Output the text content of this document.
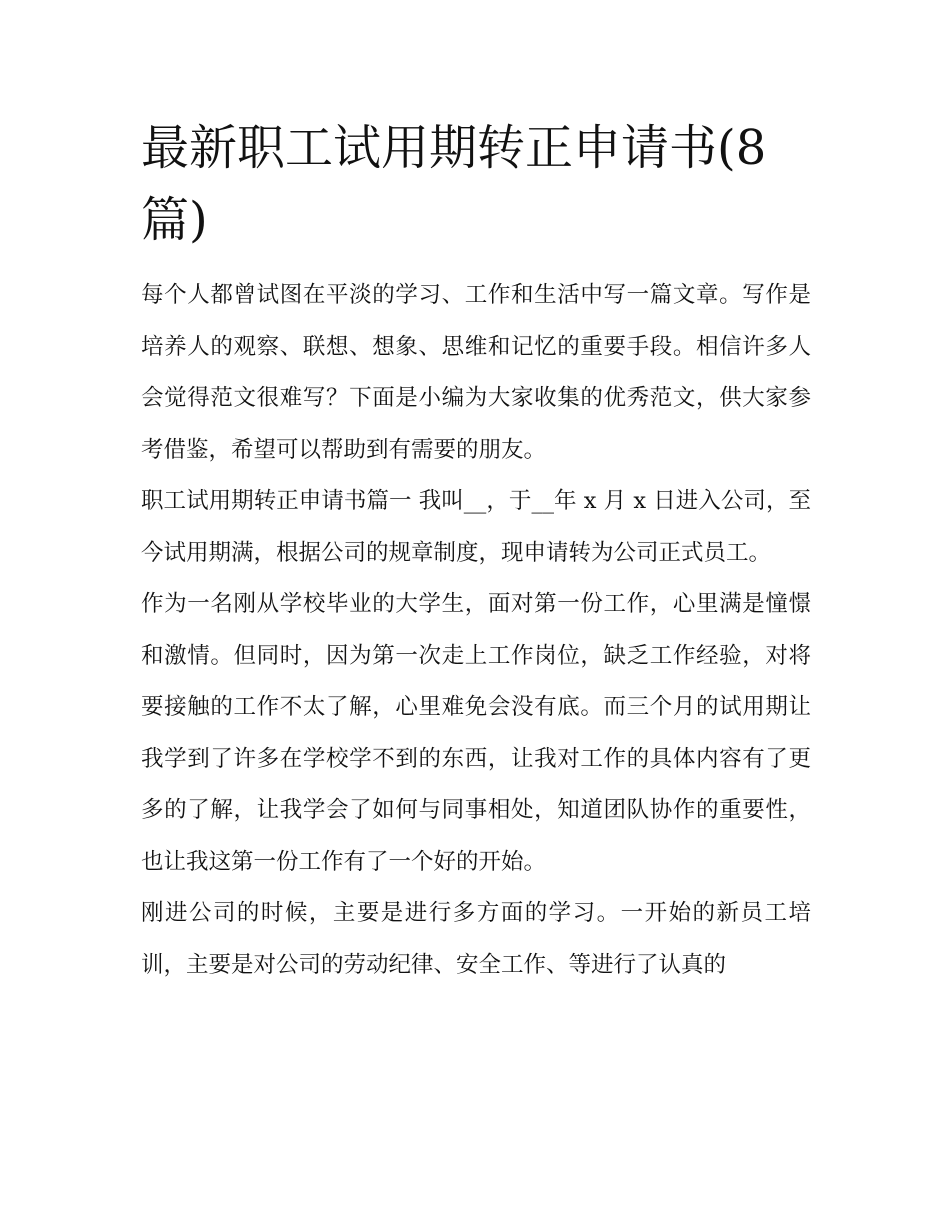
最新职工试用期转正申请书(8篇)

每个人都曾试图在平淡的学习、工作和生活中写一篇文章。写作是培养人的观察、联想、想象、思维和记忆的重要手段。相信许多人会觉得范文很难写？下面是小编为大家收集的优秀范文，供大家参考借鉴，希望可以帮助到有需要的朋友。

职工试用期转正申请书篇一 我叫__，于__年 x 月 x 日进入公司，至今试用期满，根据公司的规章制度，现申请转为公司正式员工。

作为一名刚从学校毕业的大学生，面对第一份工作，心里满是憧憬和激情。但同时，因为第一次走上工作岗位，缺乏工作经验，对将要接触的工作不太了解，心里难免会没有底。而三个月的试用期让我学到了许多在学校学不到的东西，让我对工作的具体内容有了更多的了解，让我学会了如何与同事相处，知道团队协作的重要性，也让我这第一份工作有了一个好的开始。

刚进公司的时候，主要是进行多方面的学习。一开始的新员工培训，主要是对公司的劳动纪律、安全工作、等进行了认真的
